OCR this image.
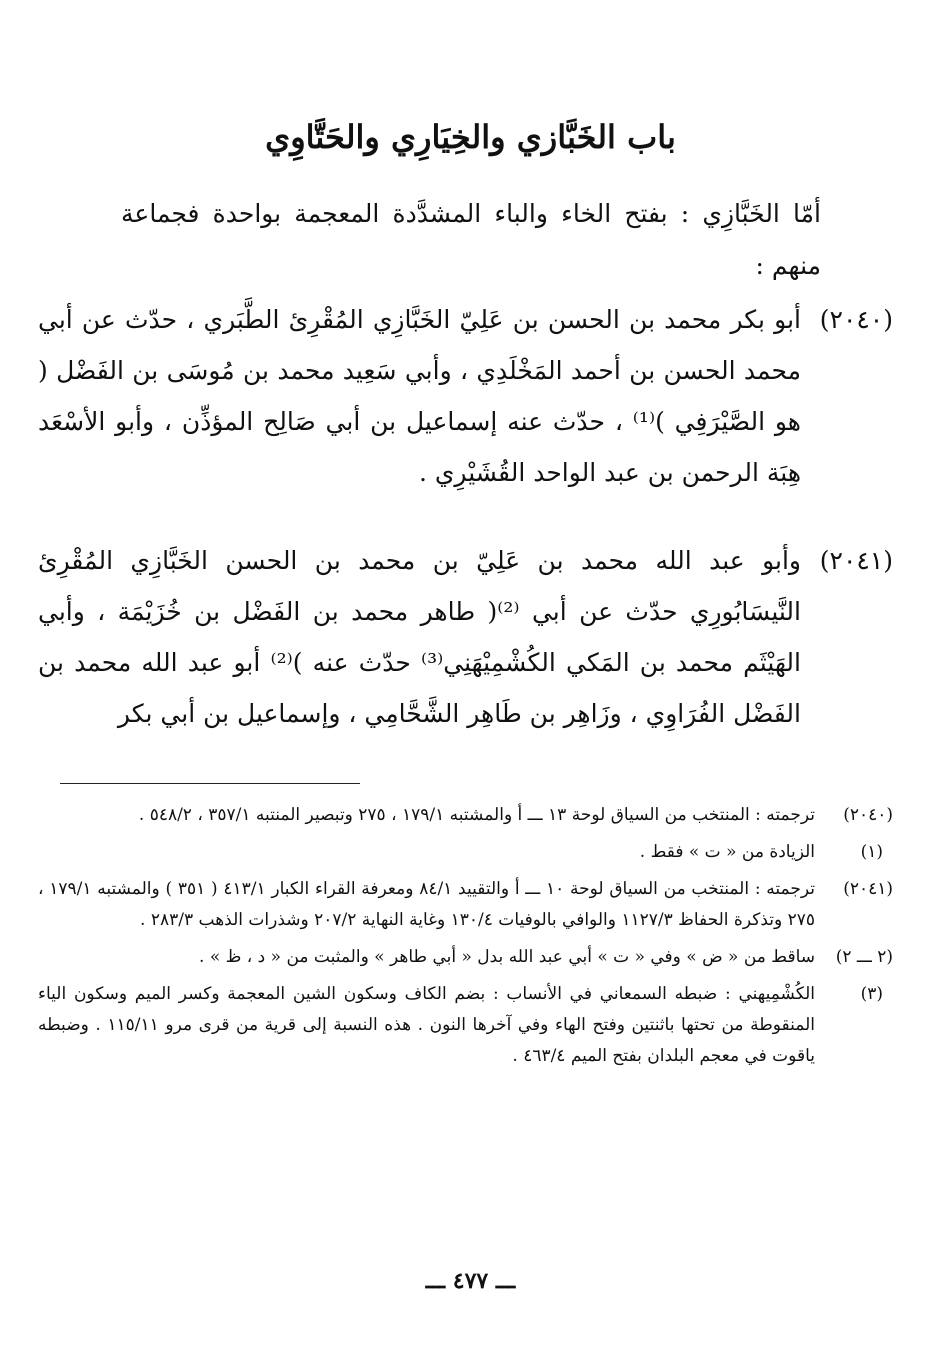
باب الخَبَّازي والخِيَارِي والحَتَّاوِي
أمّا الخَبَّازِي : بفتح الخاء والباء المشدَّدة المعجمة بواحدة فجماعة منهم :
(٢٠٤٠)
أبو بكر محمد بن الحسن بن عَلِيّ الخَبَّازِي المُقْرِئ الطَّبَري ، حدّث عن أبي محمد الحسن بن أحمد المَخْلَدِي ، وأبي سَعِيد محمد بن مُوسَى بن الفَضْل ( هو الصَّيْرَفِي )⁽¹⁾ ، حدّث عنه إسماعيل بن أبي صَالِح المؤذِّن ، وأبو الأسْعَد هِبَة الرحمن بن عبد الواحد القُشَيْرِي .
(٢٠٤١)
وأبو عبد الله محمد بن عَلِيّ بن محمد بن الحسن الخَبَّازِي المُقْرِئ النَّيسَابُورِي حدّث عن أبي ⁽²⁾( طاهر محمد بن الفَضْل بن خُزَيْمَة ، وأبي الهَيْثَم محمد بن المَكي الكُشْمِيْهَنِي⁽³⁾ حدّث عنه )⁽²⁾ أبو عبد الله محمد بن الفَضْل الفُرَاوِي ، وزَاهِر بن طَاهِر الشَّحَّامِي ، وإسماعيل بن أبي بكر
(٢٠٤٠)
ترجمته : المنتخب من السياق لوحة ١٣ ـــ أ والمشتبه ١٧٩/١ ، ٢٧٥ وتبصير المنتبه ٣٥٧/١ ، ٥٤٨/٢ .
(١)
الزيادة من « ت » فقط .
(٢٠٤١)
ترجمته : المنتخب من السياق لوحة ١٠ ـــ أ والتقييد ٨٤/١ ومعرفة القراء الكبار ٤١٣/١ ( ٣٥١ ) والمشتبه ١٧٩/١ ، ٢٧٥ وتذكرة الحفاظ ١١٢٧/٣ والوافي بالوفيات ١٣٠/٤ وغاية النهاية ٢٠٧/٢ وشذرات الذهب ٢٨٣/٣ .
(٢ ـــ ٢)
ساقط من « ض » وفي « ت » أبي عبد الله بدل « أبي طاهر » والمثبت من « د ، ظ » .
(٣)
الكُشْمِيهني : ضبطه السمعاني في الأنساب : بضم الكاف وسكون الشين المعجمة وكسر الميم وسكون الياء المنقوطة من تحتها باثنتين وفتح الهاء وفي آخرها النون . هذه النسبة إلى قرية من قرى مرو ١١٥/١١ . وضبطه ياقوت في معجم البلدان بفتح الميم ٤٦٣/٤ .
ـــ ٤٧٧ ـــ
